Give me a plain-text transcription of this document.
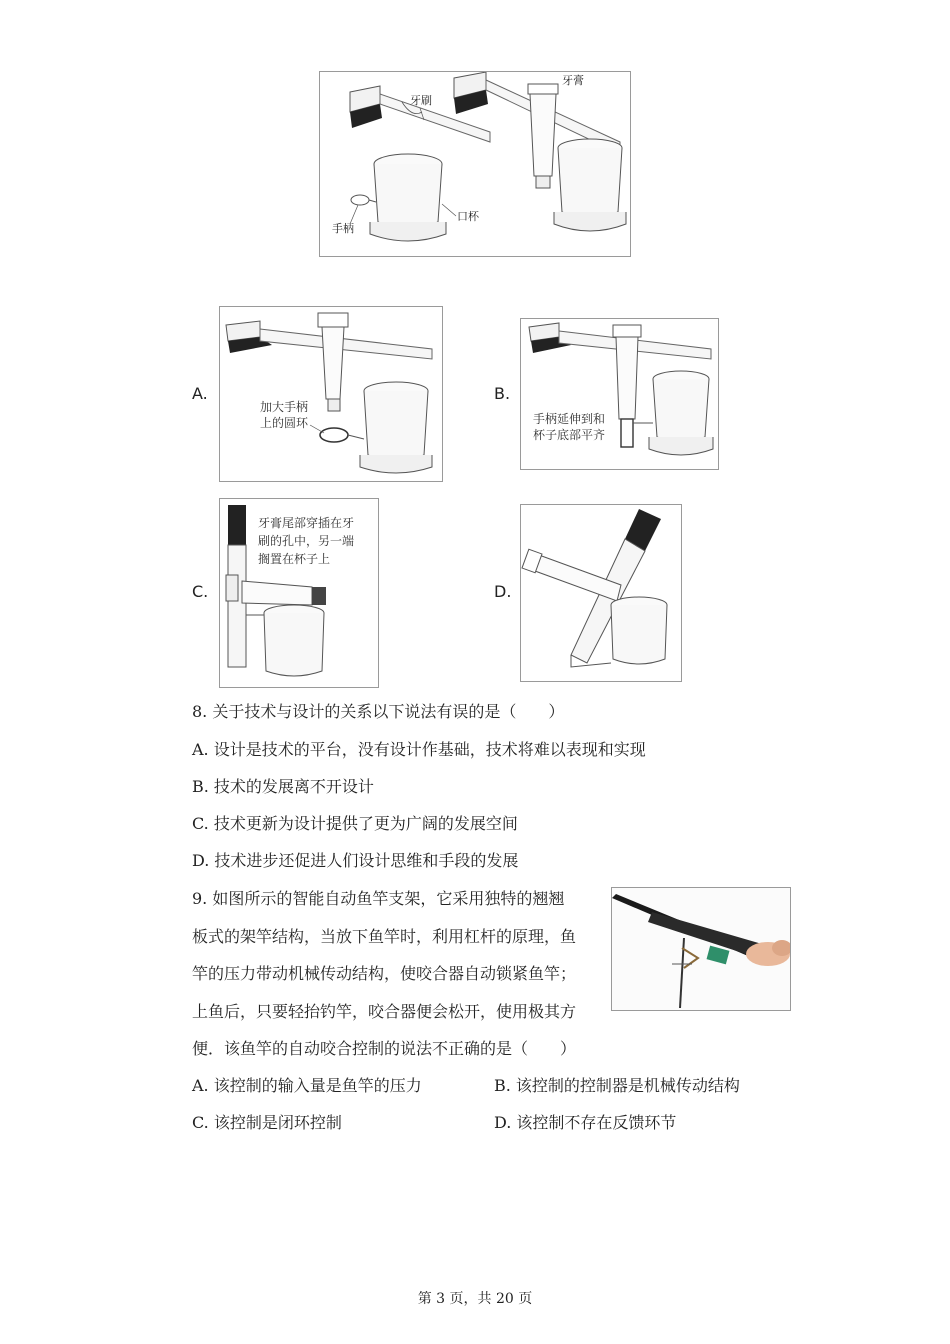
手柄
口杯
牙刷
牙膏
A.
加大手柄
上的圆环
B.
手柄延伸到和
杯子底部平齐
C.
牙膏尾部穿插在牙
刷的孔中，另一端
搁置在杯子上
D.
8. 关于技术与设计的关系以下说法有误的是（　　）
A. 设计是技术的平台，没有设计作基础，技术将难以表现和实现
B. 技术的发展离不开设计
C. 技术更新为设计提供了更为广阔的发展空间
D. 技术进步还促进人们设计思维和手段的发展
9. 如图所示的智能自动鱼竿支架，它采用独特的翘翘
板式的架竿结构，当放下鱼竿时，利用杠杆的原理，鱼
竿的压力带动机械传动结构，使咬合器自动锁紧鱼竿；
上鱼后，只要轻抬钓竿，咬合器便会松开，使用极其方
便．该鱼竿的自动咬合控制的说法不正确的是（　　）
A. 该控制的输入量是鱼竿的压力	B. 该控制的控制器是机械传动结构
C. 该控制是闭环控制	D. 该控制不存在反馈环节
第 3 页，共 20 页
